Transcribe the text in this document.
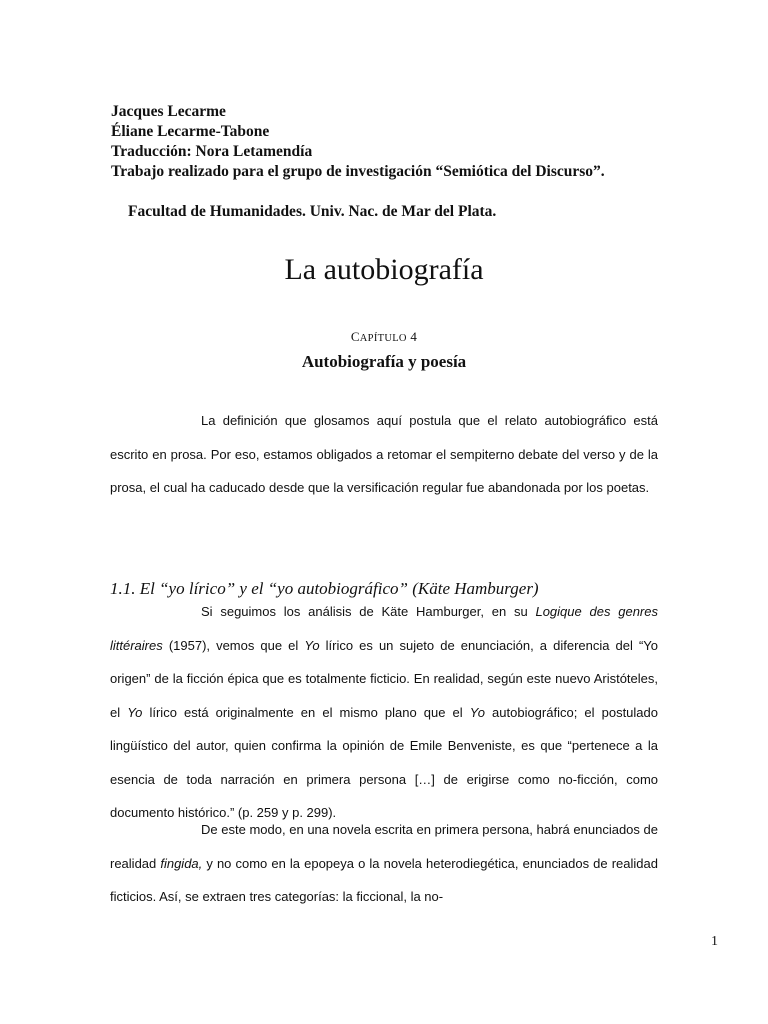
Jacques Lecarme
Éliane Lecarme-Tabone
Traducción: Nora Letamendía
Trabajo realizado para el grupo de investigación “Semiótica del Discurso”.
Facultad de Humanidades. Univ. Nac. de Mar del Plata.
La autobiografía
CAPÍTULO 4
Autobiografía y poesía
La definición que glosamos aquí postula que el relato autobiográfico está escrito en prosa. Por eso, estamos obligados a retomar el sempiterno debate del verso y de la prosa, el cual ha caducado desde que la versificación regular fue abandonada por los poetas.
1.1. El “yo lírico” y el “yo autobiográfico” (Käte Hamburger)
Si seguimos los análisis de Käte Hamburger, en su Logique des genres littéraires (1957), vemos que el Yo lírico es un sujeto de enunciación, a diferencia del “Yo origen” de la ficción épica que es totalmente ficticio. En realidad, según este nuevo Aristóteles, el Yo lírico está originalmente en el mismo plano que el Yo autobiográfico; el postulado lingüístico del autor, quien confirma la opinión de Emile Benveniste, es que “pertenece a la esencia de toda narración en primera persona […] de erigirse como no-ficción, como documento histórico.” (p. 259 y p. 299).
De este modo, en una novela escrita en primera persona, habrá enunciados de realidad fingida, y no como en la epopeya o la novela heterodiegética, enunciados de realidad ficticios. Así, se extraen tres categorías: la ficcional, la no-
1
